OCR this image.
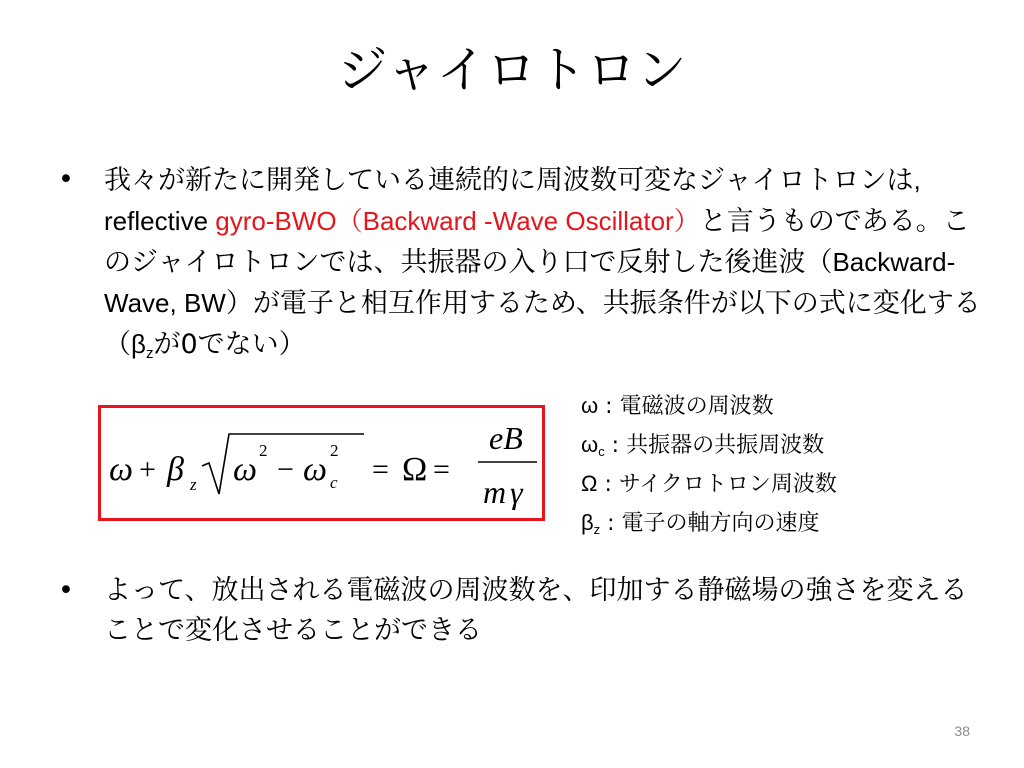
ジャイロトロン
•	我々が新たに開発している連続的に周波数可変なジャイロトロンは, reflective gyro-BWO（Backward -Wave Oscillator）と言うものである。このジャイロトロンでは、共振器の入り口で反射した後進波（Backward-Wave, BW）が電子と相互作用するため、共振条件が以下の式に変化する（$\beta_z$が0でない）
ω + β z ω
2
− ω
2
c = Ω =
eB
m γ
ω : 電磁波の周波数
ωc : 共振器の共振周波数
Ω : サイクロトロン周波数
βz : 電子の軸方向の速度
•	よって、放出される電磁波の周波数を、印加する静磁場の強さを変えることで変化させることができる
38
